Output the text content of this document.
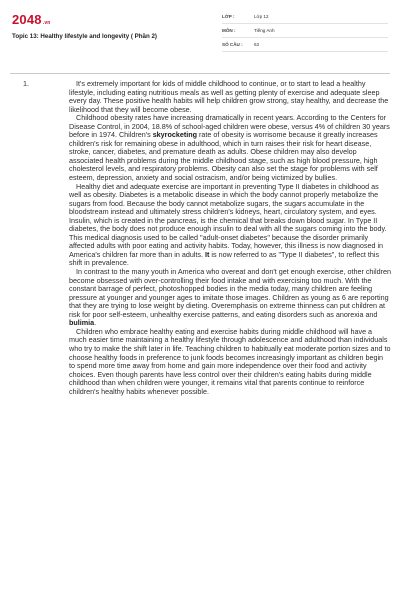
2048.vn
Topic 13: Healthy lifestyle and longevity ( Phần 2)
LỚP :	Lớp 12
MÔN :	Tiếng Anh
SỐ CÂU :	63
1.	It's extremely important for kids of middle childhood to continue, or to start to lead a healthy lifestyle, including eating nutritious meals as well as getting plenty of exercise and adequate sleep every day. These positive health habits will help children grow strong, stay healthy, and decrease the likelihood that they will become obese.

Childhood obesity rates have increasing dramatically in recent years. According to the Centers for Disease Control, in 2004, 18.8% of school-aged children were obese, versus 4% of children 30 years before in 1974. Children's skyrocketing rate of obesity is worrisome because it greatly increases children's risk for remaining obese in adulthood, which in turn raises their risk for heart disease, stroke, cancer, diabetes, and premature death as adults. Obese children may also develop associated health problems during the middle childhood stage, such as high blood pressure, high cholesterol levels, and respiratory problems. Obesity can also set the stage for problems with self esteem, depression, anxiety and social ostracism, and/or being victimized by bullies.

Healthy diet and adequate exercise are important in preventing Type II diabetes in childhood as well as obesity. Diabetes is a metabolic disease in which the body cannot properly metabolize the sugars from food. Because the body cannot metabolize sugars, the sugars accumulate in the bloodstream instead and ultimately stress children's kidneys, heart, circulatory system, and eyes. Insulin, which is created in the pancreas, is the chemical that breaks down blood sugar. In Type II diabetes, the body does not produce enough insulin to deal with all the sugars coming into the body. This medical diagnosis used to be called "adult-onset diabetes" because the disorder primarily affected adults with poor eating and activity habits. Today, however, this illness is now diagnosed in America's children far more than in adults. It is now referred to as "Type II diabetes", to reflect this shift in prevalence.

In contrast to the many youth in America who overeat and don't get enough exercise, other children become obsessed with over-controlling their food intake and with exercising too much. With the constant barrage of perfect, photoshopped bodies in the media today, many children are feeling pressure at younger and younger ages to imitate those images. Children as young as 6 are reporting that they are trying to lose weight by dieting. Overemphasis on extreme thinness can put children at risk for poor self-esteem, unhealthy exercise patterns, and eating disorders such as anorexia and bulimia.

Children who embrace healthy eating and exercise habits during middle childhood will have a much easier time maintaining a healthy lifestyle through adolescence and adulthood than individuals who try to make the shift later in life. Teaching children to habitually eat moderate portion sizes and to choose healthy foods in preference to junk foods becomes increasingly important as children begin to spend more time away from home and gain more independence over their food and activity choices. Even though parents have less control over their children's eating habits during middle childhood than when children were younger, it remains vital that parents continue to reinforce children's healthy habits whenever possible.
